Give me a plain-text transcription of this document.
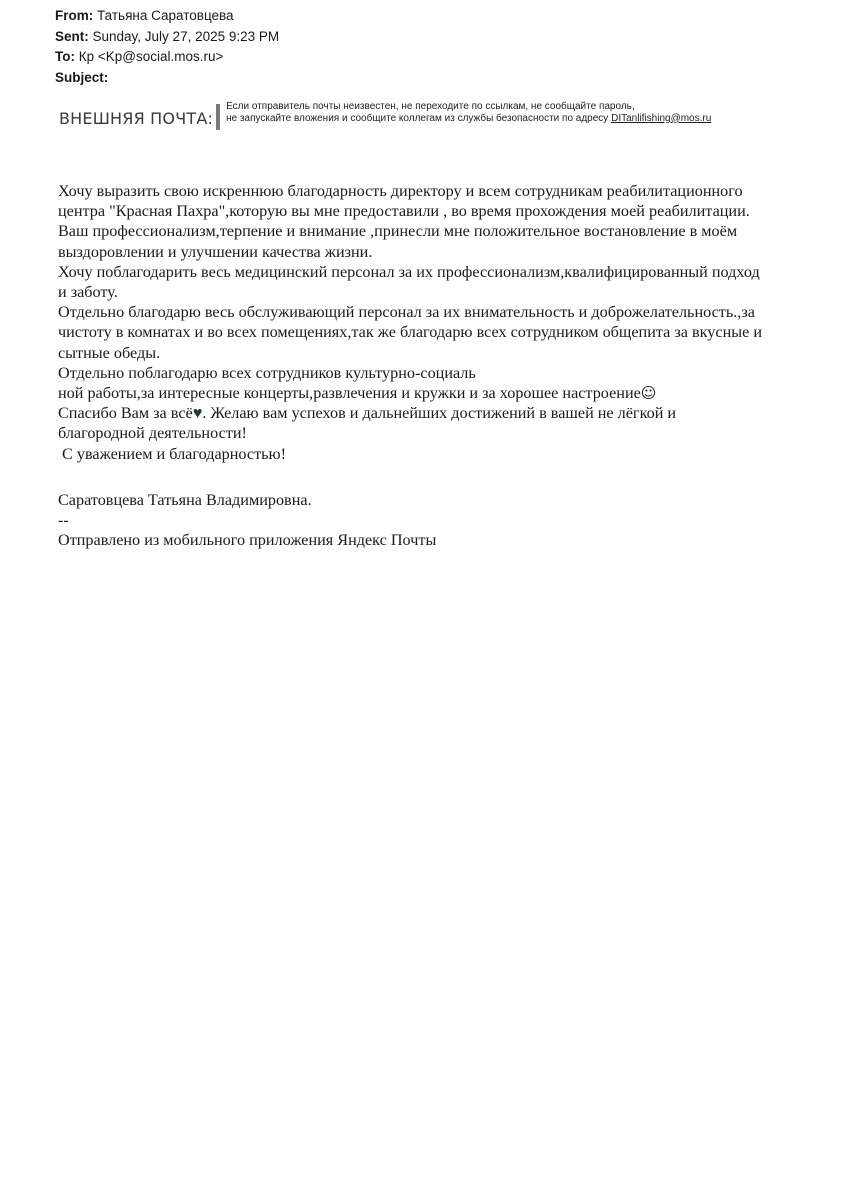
From: Татьяна Саратовцева
Sent: Sunday, July 27, 2025 9:23 PM
To: Кр <Kp@social.mos.ru>
Subject:
ВНЕШНЯЯ ПОЧТА:
Если отправитель почты неизвестен, не переходите по ссылкам, не сообщайте пароль,
не запускайте вложения и сообщите коллегам из службы безопасности по адресу DITanlifishing@mos.ru

Хочу выразить свою искреннюю благодарность директору и всем сотрудникам реабилитационного

центра "Красная Пахра",которую вы мне предоставили , во время прохождения моей реабилитации.

Ваш профессионализм,терпение и внимание ,принесли мне положительное востановление в моём

выздоровлении и улучшении качества жизни.

Хочу поблагодарить весь медицинский персонал за их профессионализм,квалифицированный подход

и заботу.

Отдельно благодарю весь обслуживающий персонал за их внимательность и доброжелательность.,за

чистоту в комнатах и во всех помещениях,так же благодарю всех сотрудником общепита за вкусные и

сытные обеды.

Отдельно поблагодарю всех сотрудников культурно-социаль

ной работы,за интересные концерты,развлечения и кружки и за хорошее настроение☺

Спасибо Вам за всё♥. Желаю вам успехов и дальнейших достижений в вашей не лёгкой и

благородной деятельности!

С уважением и благодарностью!

Саратовцева Татьяна Владимировна.

--

Отправлено из мобильного приложения Яндекс Почты
